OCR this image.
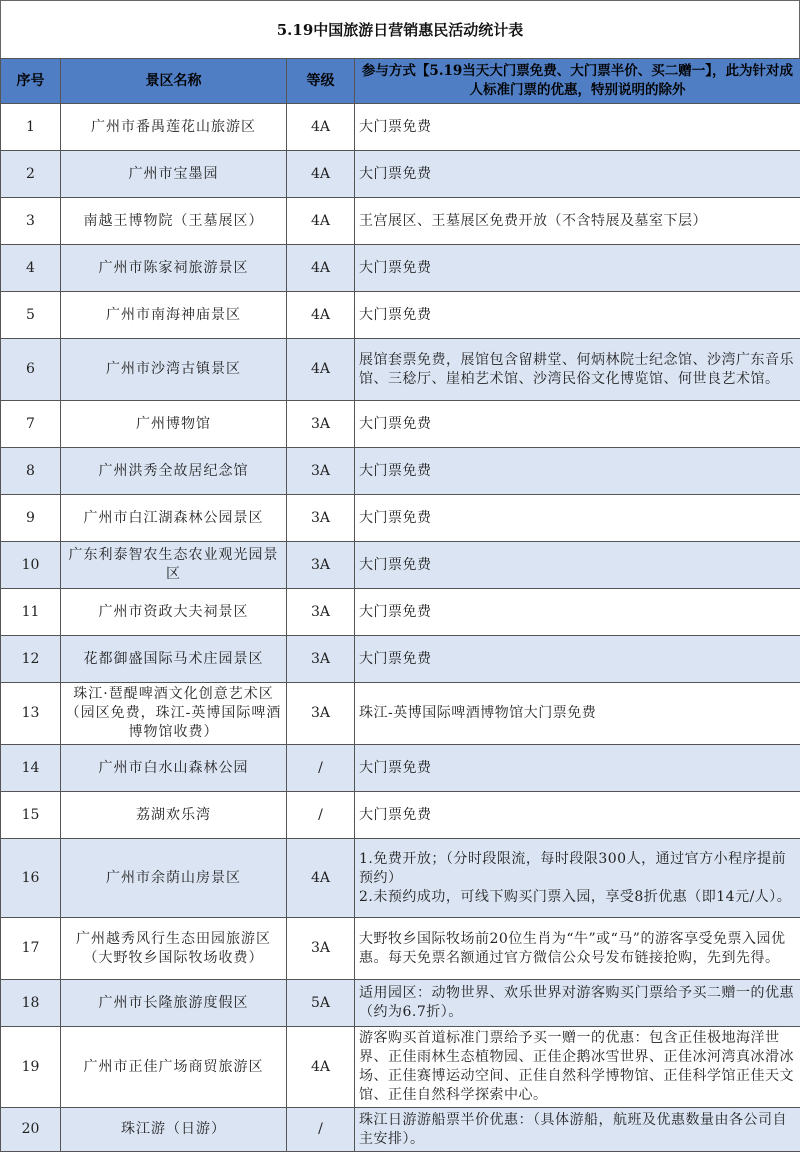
5.19中国旅游日营销惠民活动统计表
序号	景区名称	等级	参与方式【5.19当天大门票免费、大门票半价、买二赠一】，此为针对成人标准门票的优惠，特别说明的除外
1	广州市番禺莲花山旅游区	4A	大门票免费
2	广州市宝墨园	4A	大门票免费
3	南越王博物院（王墓展区）	4A	王宫展区、王墓展区免费开放（不含特展及墓室下层）
4	广州市陈家祠旅游景区	4A	大门票免费
5	广州市南海神庙景区	4A	大门票免费
6	广州市沙湾古镇景区	4A	展馆套票免费，展馆包含留耕堂、何炳林院士纪念馆、沙湾广东音乐馆、三稔厅、崖柏艺术馆、沙湾民俗文化博览馆、何世良艺术馆。
7	广州博物馆	3A	大门票免费
8	广州洪秀全故居纪念馆	3A	大门票免费
9	广州市白江湖森林公园景区	3A	大门票免费
10	广东利泰智农生态农业观光园景区	3A	大门票免费
11	广州市资政大夫祠景区	3A	大门票免费
12	花都御盛国际马术庄园景区	3A	大门票免费
13	珠江·琶醍啤酒文化创意艺术区（园区免费，珠江-英博国际啤酒博物馆收费）	3A	珠江-英博国际啤酒博物馆大门票免费
14	广州市白水山森林公园	/	大门票免费
15	荔湖欢乐湾	/	大门票免费
16	广州市余荫山房景区	4A	1.免费开放；（分时段限流，每时段限300人，通过官方小程序提前预约）
2.未预约成功，可线下购买门票入园，享受8折优惠（即14元/人）。
17	广州越秀风行生态田园旅游区（大野牧乡国际牧场收费）	3A	大野牧乡国际牧场前20位生肖为“牛”或“马”的游客享受免票入园优惠。每天免票名额通过官方微信公众号发布链接抢购，先到先得。
18	广州市长隆旅游度假区	5A	适用园区：动物世界、欢乐世界对游客购买门票给予买二赠一的优惠（约为6.7折）。
19	广州市正佳广场商贸旅游区	4A	游客购买首道标准门票给予买一赠一的优惠：包含正佳极地海洋世界、正佳雨林生态植物园、正佳企鹅冰雪世界、正佳冰河湾真冰滑冰场、正佳赛博运动空间、正佳自然科学博物馆、正佳科学馆正佳天文馆、正佳自然科学探索中心。
20	珠江游（日游）	/	珠江日游游船票半价优惠：（具体游船，航班及优惠数量由各公司自主安排）。
